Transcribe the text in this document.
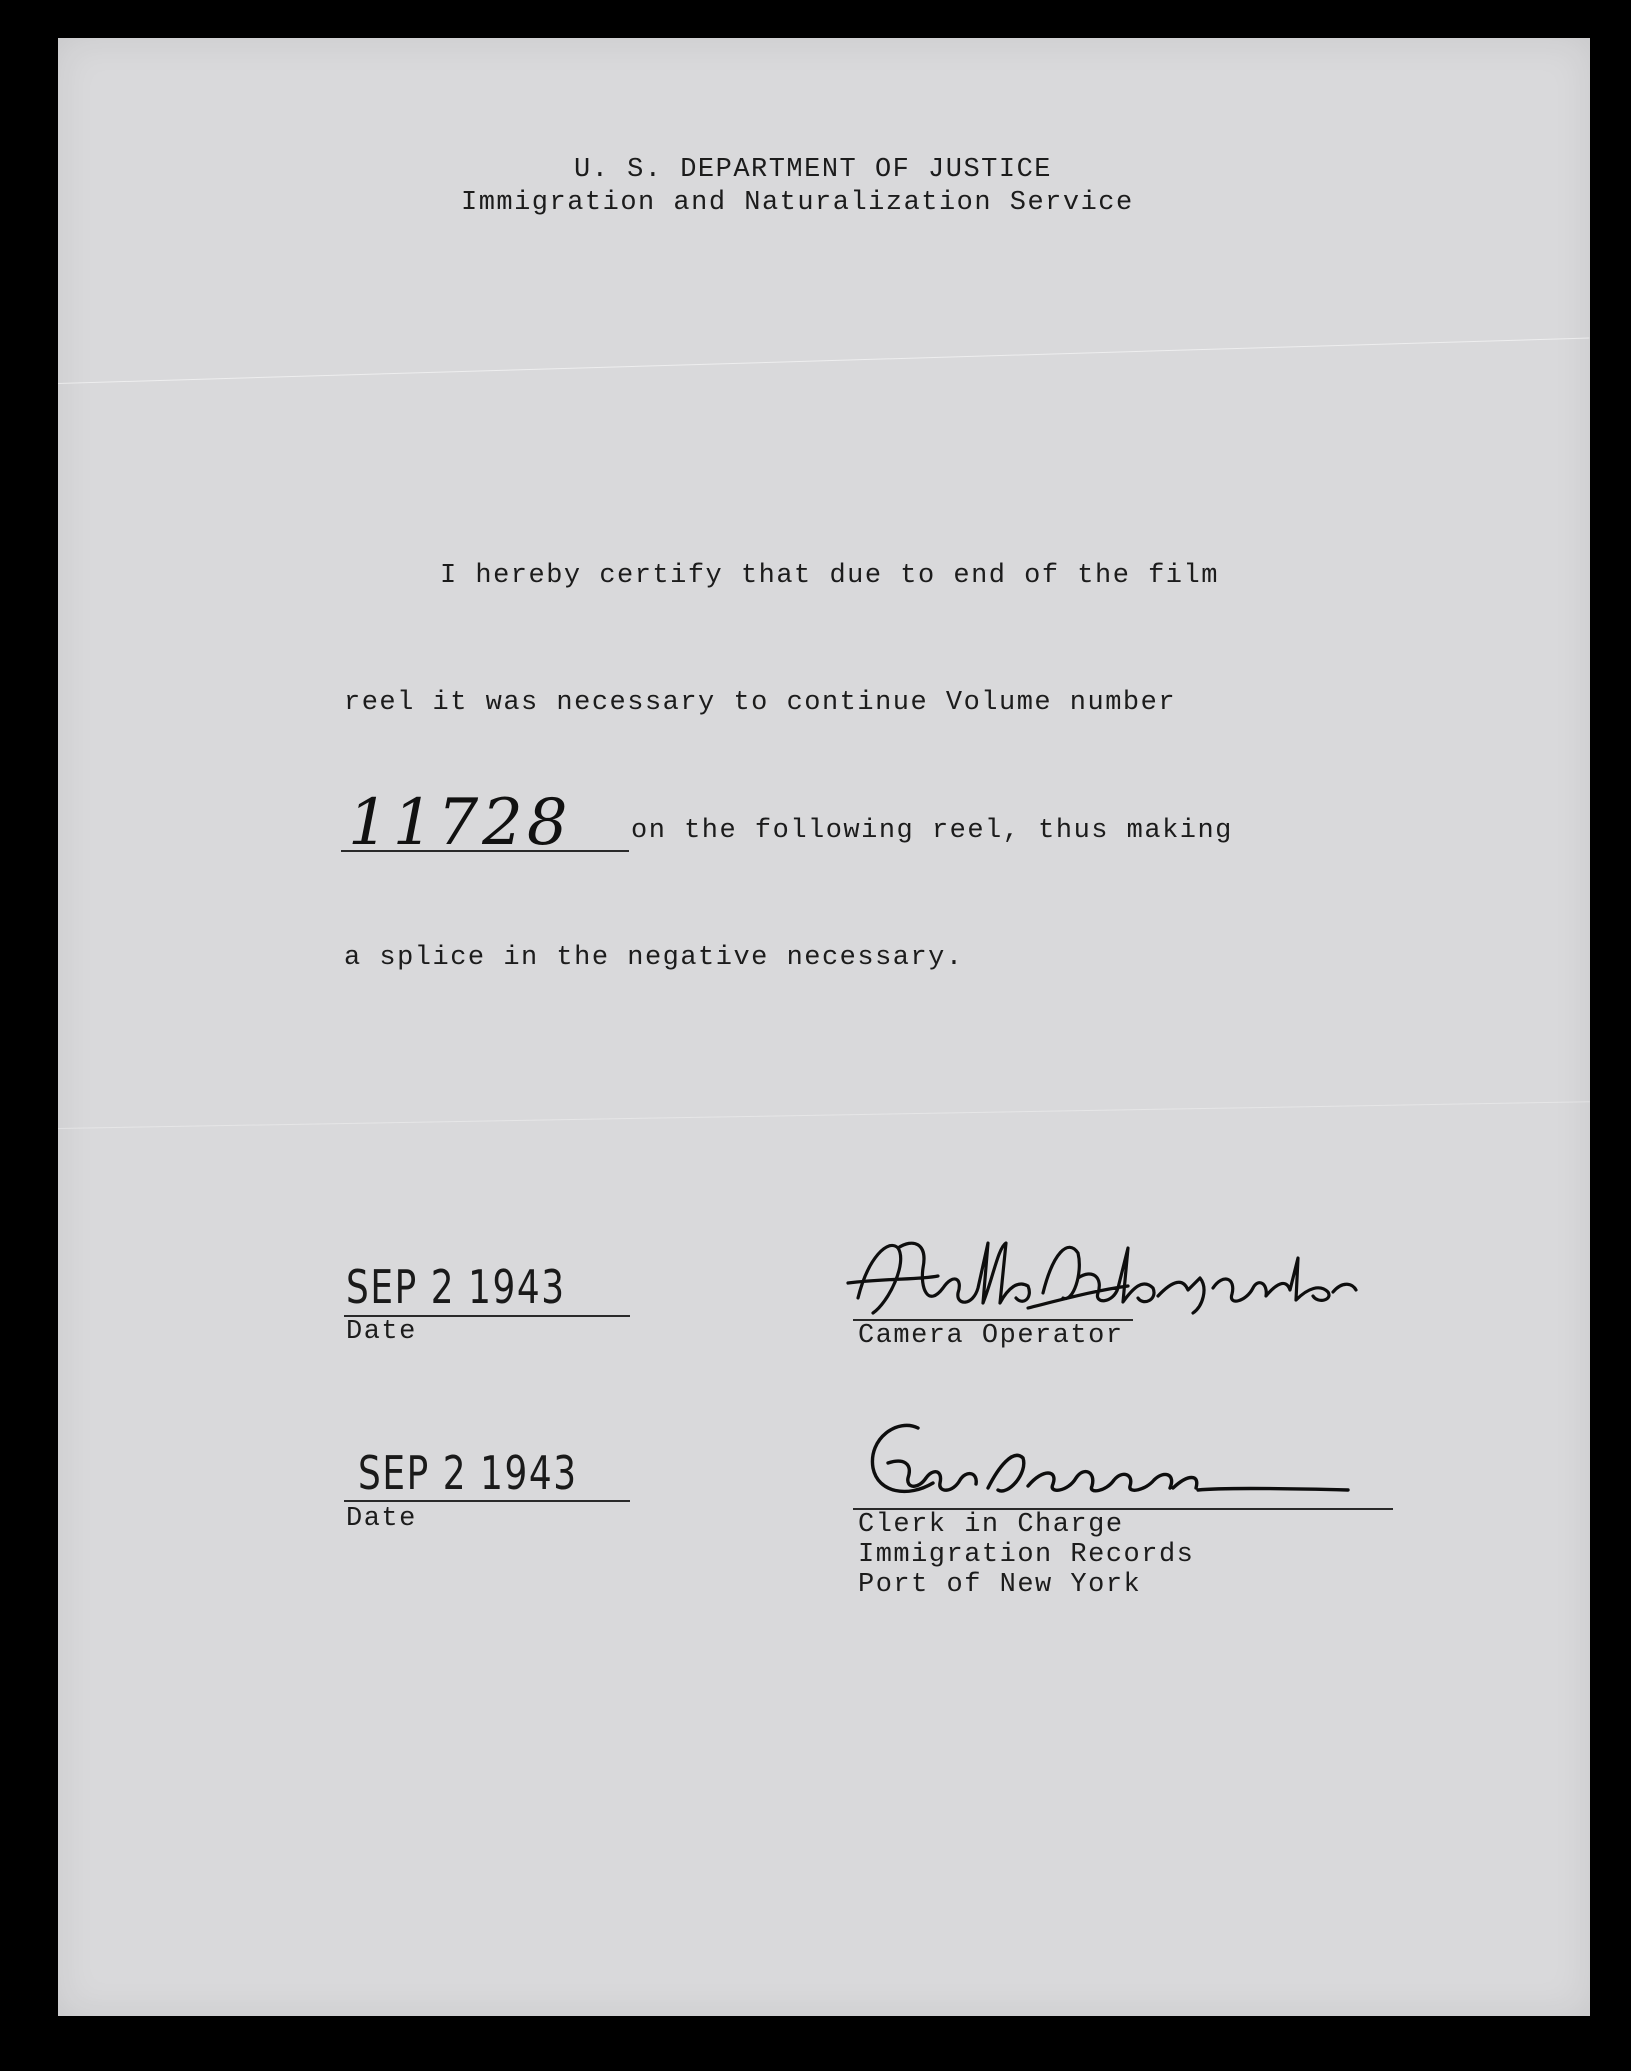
U. S. DEPARTMENT OF JUSTICE
Immigration and Naturalization Service
I hereby certify that due to end of the film
reel it was necessary to continue Volume number
11728 on the following reel, thus making
a splice in the negative necessary.
SEP 2 1943
Date	Camera Operator
SEP 2 1943
Date	Clerk in Charge
Immigration Records
Port of New York
